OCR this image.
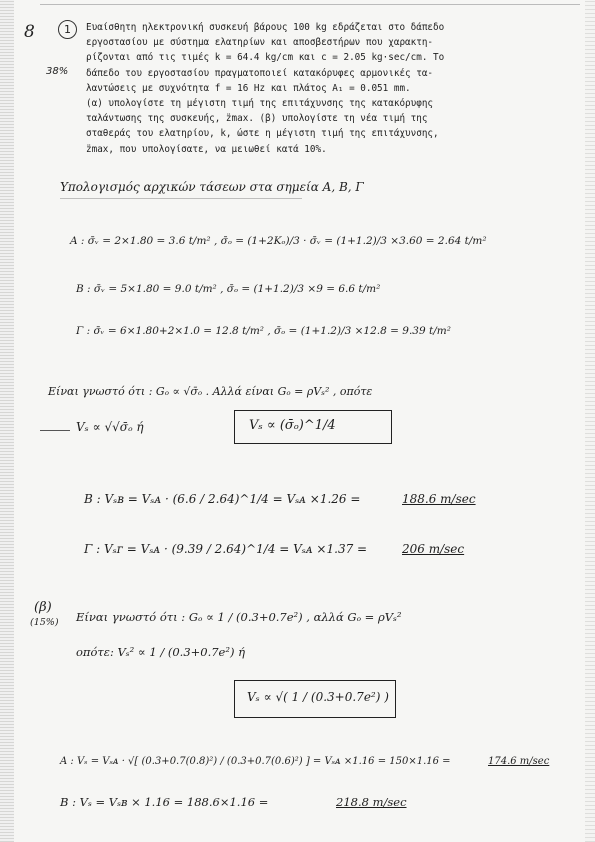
8	1
38%
Ευαίσθητη ηλεκτρονική συσκευή βάρους 100 kg εδράζεται στο δάπεδο
εργοστασίου με σύστημα ελατηρίων και αποσβεστήρων που χαρακτη-
ρίζονται από τις τιμές k = 64.4 kg/cm και c = 2.05 kg·sec/cm. Το
δάπεδο του εργοστασίου πραγματοποιεί κατακόρυφες αρμονικές τα-
λαντώσεις με συχνότητα f = 16 Hz και πλάτος A₁ = 0.051 mm.
(α) υπολογίστε τη μέγιστη τιμή της επιτάχυνσης της κατακόρυφης
ταλάντωσης της συσκευής, z̈max. (β) υπολογίστε τη νέα τιμή της
σταθεράς του ελατηρίου, k, ώστε η μέγιστη τιμή της επιτάχυνσης,
z̈max, που υπολογίσατε, να μειωθεί κατά 10%.
Υπολογισμός αρχικών τάσεων στα σημεία Α, Β, Γ
Α : σ̄ᵥ = 2×1.80 = 3.6 t/m² , σ̄ₒ = (1+2Kₒ)/3 · σ̄ᵥ = (1+1.2)/3 ×3.60 = 2.64 t/m²
Β : σ̄ᵥ = 5×1.80 = 9.0 t/m² , σ̄ₒ = (1+1.2)/3 ×9 = 6.6 t/m²
Γ : σ̄ᵥ = 6×1.80+2×1.0 = 12.8 t/m² , σ̄ₒ = (1+1.2)/3 ×12.8 = 9.39 t/m²
Είναι γνωστό ότι : Gₒ ∝ √σ̄ₒ . Αλλά είναι Gₒ = ρVₛ² , οπότε
Vₛ ∝ √√σ̄ₒ ή	Vₛ ∝ (σ̄ₒ)^1/4
Β : Vₛʙ = Vₛᴀ · (6.6 / 2.64)^1/4 = Vₛᴀ ×1.26 =	188.6 m/sec
Γ : Vₛᴦ = Vₛᴀ · (9.39 / 2.64)^1/4 = Vₛᴀ ×1.37 =	206 m/sec
(β)
(15%) Είναι γνωστό ότι : Gₒ ∝ 1 / (0.3+0.7e²) , αλλά Gₒ = ρVₛ²
οπότε: Vₛ² ∝ 1 / (0.3+0.7e²) ή
Vₛ ∝ √( 1 / (0.3+0.7e²) )
Α : Vₛ = Vₛᴀ · √[ (0.3+0.7(0.8)²) / (0.3+0.7(0.6)²) ] = Vₛᴀ ×1.16 = 150×1.16 =	174.6 m/sec
Β : Vₛ = Vₛʙ × 1.16 = 188.6×1.16 =	218.8 m/sec
